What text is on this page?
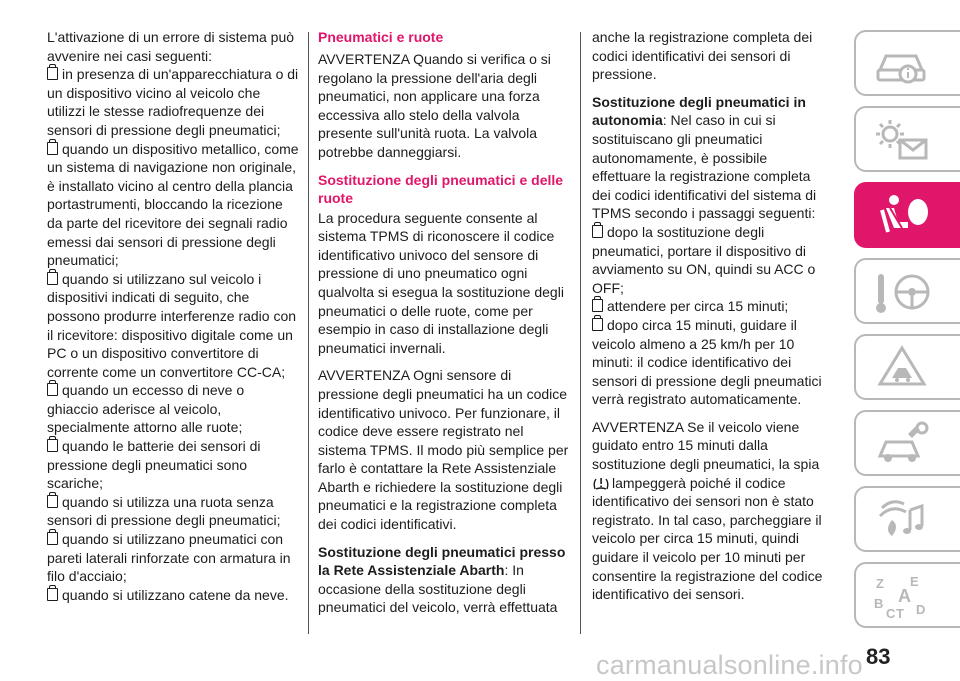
L'attivazione di un errore di sistema può avvenire nei casi seguenti:

in presenza di un'apparecchiatura o di un dispositivo vicino al veicolo che utilizzi le stesse radiofrequenze dei sensori di pressione degli pneumatici;

quando un dispositivo metallico, come un sistema di navigazione non originale, è installato vicino al centro della plancia portastrumenti, bloccando la ricezione da parte del ricevitore dei segnali radio emessi dai sensori di pressione degli pneumatici;

quando si utilizzano sul veicolo i dispositivi indicati di seguito, che possono produrre interferenze radio con il ricevitore: dispositivo digitale come un PC o un dispositivo convertitore di corrente come un convertitore CC-CA;

quando un eccesso di neve o ghiaccio aderisce al veicolo, specialmente attorno alle ruote;

quando le batterie dei sensori di pressione degli pneumatici sono scariche;

quando si utilizza una ruota senza sensori di pressione degli pneumatici;

quando si utilizzano pneumatici con pareti laterali rinforzate con armatura in filo d'acciaio;

quando si utilizzano catene da neve.

Pneumatici e ruote

AVVERTENZA Quando si verifica o si regolano la pressione dell'aria degli pneumatici, non applicare una forza eccessiva allo stelo della valvola presente sull'unità ruota. La valvola potrebbe danneggiarsi.

Sostituzione degli pneumatici e delle ruote

La procedura seguente consente al sistema TPMS di riconoscere il codice identificativo univoco del sensore di pressione di uno pneumatico ogni qualvolta si esegua la sostituzione degli pneumatici o delle ruote, come per esempio in caso di installazione degli pneumatici invernali.

AVVERTENZA Ogni sensore di pressione degli pneumatici ha un codice identificativo univoco. Per funzionare, il codice deve essere registrato nel sistema TPMS. Il modo più semplice per farlo è contattare la Rete Assistenziale Abarth e richiedere la sostituzione degli pneumatici e la registrazione completa dei codici identificativi.

Sostituzione degli pneumatici presso la Rete Assistenziale Abarth: In occasione della sostituzione degli pneumatici del veicolo, verrà effettuata

anche la registrazione completa dei codici identificativi dei sensori di pressione.

Sostituzione degli pneumatici in autonomia: Nel caso in cui si sostituiscano gli pneumatici autonomamente, è possibile effettuare la registrazione completa dei codici identificativi del sistema di TPMS secondo i passaggi seguenti:

dopo la sostituzione degli pneumatici, portare il dispositivo di avviamento su ON, quindi su ACC o OFF;

attendere per circa 15 minuti;

dopo circa 15 minuti, guidare il veicolo almeno a 25 km/h per 10 minuti: il codice identificativo dei sensori di pressione degli pneumatici verrà registrato automaticamente.

AVVERTENZA Se il veicolo viene guidato entro 15 minuti dalla sostituzione degli pneumatici, la spia lampeggerà poiché il codice identificativo dei sensori non è stato registrato. In tal caso, parcheggiare il veicolo per circa 15 minuti, quindi guidare il veicolo per 10 minuti per consentire la registrazione del codice identificativo dei sensori.

Z E
A
B
C T D
carmanualsonline.info 83
